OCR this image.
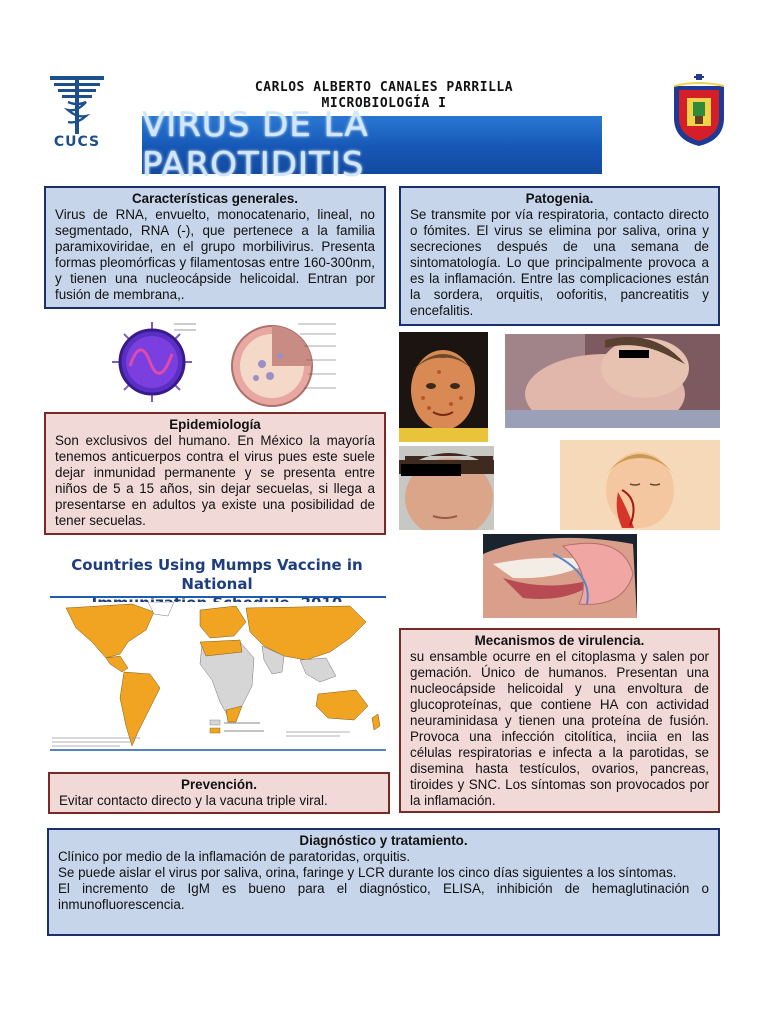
CUCS
CARLOS ALBERTO CANALES PARRILLA
MICROBIOLOGÍA I
VIRUS DE LA PAROTIDITIS
Características generales.
Virus de RNA, envuelto, monocatenario, lineal, no segmentado, RNA (-), que pertenece a la familia paramixoviridae, en el grupo morbilivirus. Presenta formas pleomórficas y filamentosas entre 160-300nm, y tienen una nucleocápside helicoidal. Entran por fusión de membrana,.
Patogenia.
Se transmite por vía respiratoria, contacto directo o fómites. El virus se elimina por saliva, orina y secreciones después de una semana de sintomatología. Lo que principalmente provoca a es la inflamación. Entre las complicaciones están la sordera, orquitis, ooforitis, pancreatitis y encefalitis.
Epidemiología
Son exclusivos del humano. En México la mayoría tenemos anticuerpos contra el virus pues este suele dejar inmunidad permanente y se presenta entre niños de 5 a 15 años, sin dejar secuelas, si llega a presentarse en adultos ya existe una posibilidad de tener secuelas.
Countries Using Mumps Vaccine in National

Mecanismos de virulencia.
su ensamble ocurre en el citoplasma y salen por gemación. Único de humanos. Presentan una nucleocápside helicoidal y una envoltura de glucoproteínas, que contiene HA con actividad neuraminidasa y tienen una proteína de fusión. Provoca una infección citolítica, inciia en las células respiratorias e infecta a la parotidas, se disemina hasta testículos, ovarios, pancreas, tiroides y SNC. Los síntomas son provocados por la inflamación.
Prevención.
Evitar contacto directo y la vacuna triple viral.
Diagnóstico y tratamiento.
Clínico por medio de la inflamación de paratoridas, orquitis.
Se puede aislar el virus por saliva, orina, faringe y LCR durante los cinco días siguientes a los síntomas.
El incremento de IgM es bueno para el diagnóstico, ELISA, inhibición de hemaglutinación o inmunofluorescencia.
